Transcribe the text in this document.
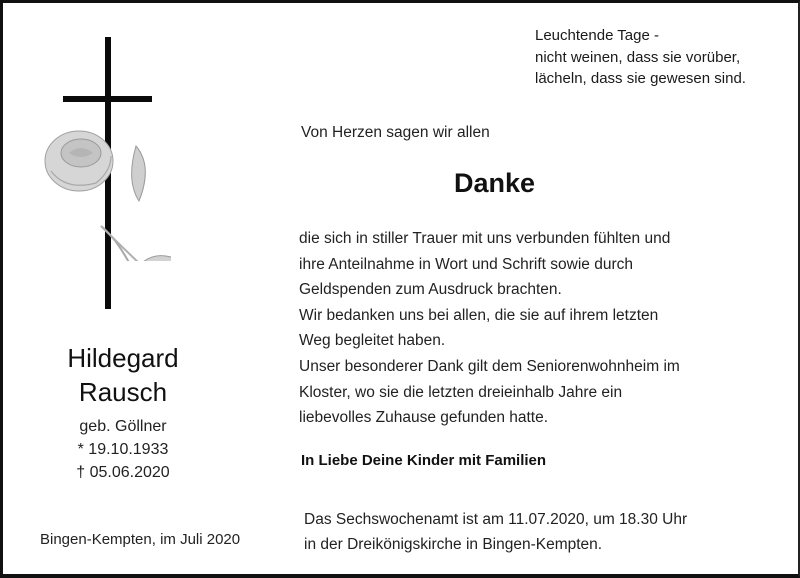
Leuchtende Tage -
nicht weinen, dass sie vorüber,
lächeln, dass sie gewesen sind.
Hildegard
Rausch
geb. Göllner
* 19.10.1933
† 05.06.2020
Bingen-Kempten, im Juli 2020
Von Herzen sagen wir allen
Danke
die sich in stiller Trauer mit uns verbunden fühlten und
ihre Anteilnahme in Wort und Schrift sowie durch
Geldspenden zum Ausdruck brachten.
Wir bedanken uns bei allen, die sie auf ihrem letzten
Weg begleitet haben.
Unser besonderer Dank gilt dem Seniorenwohnheim im
Kloster, wo sie die letzten dreieinhalb Jahre ein
liebevolles Zuhause gefunden hatte.
In Liebe Deine Kinder mit Familien
Das Sechswochenamt ist am 11.07.2020, um 18.30 Uhr
in der Dreikönigskirche in Bingen-Kempten.
